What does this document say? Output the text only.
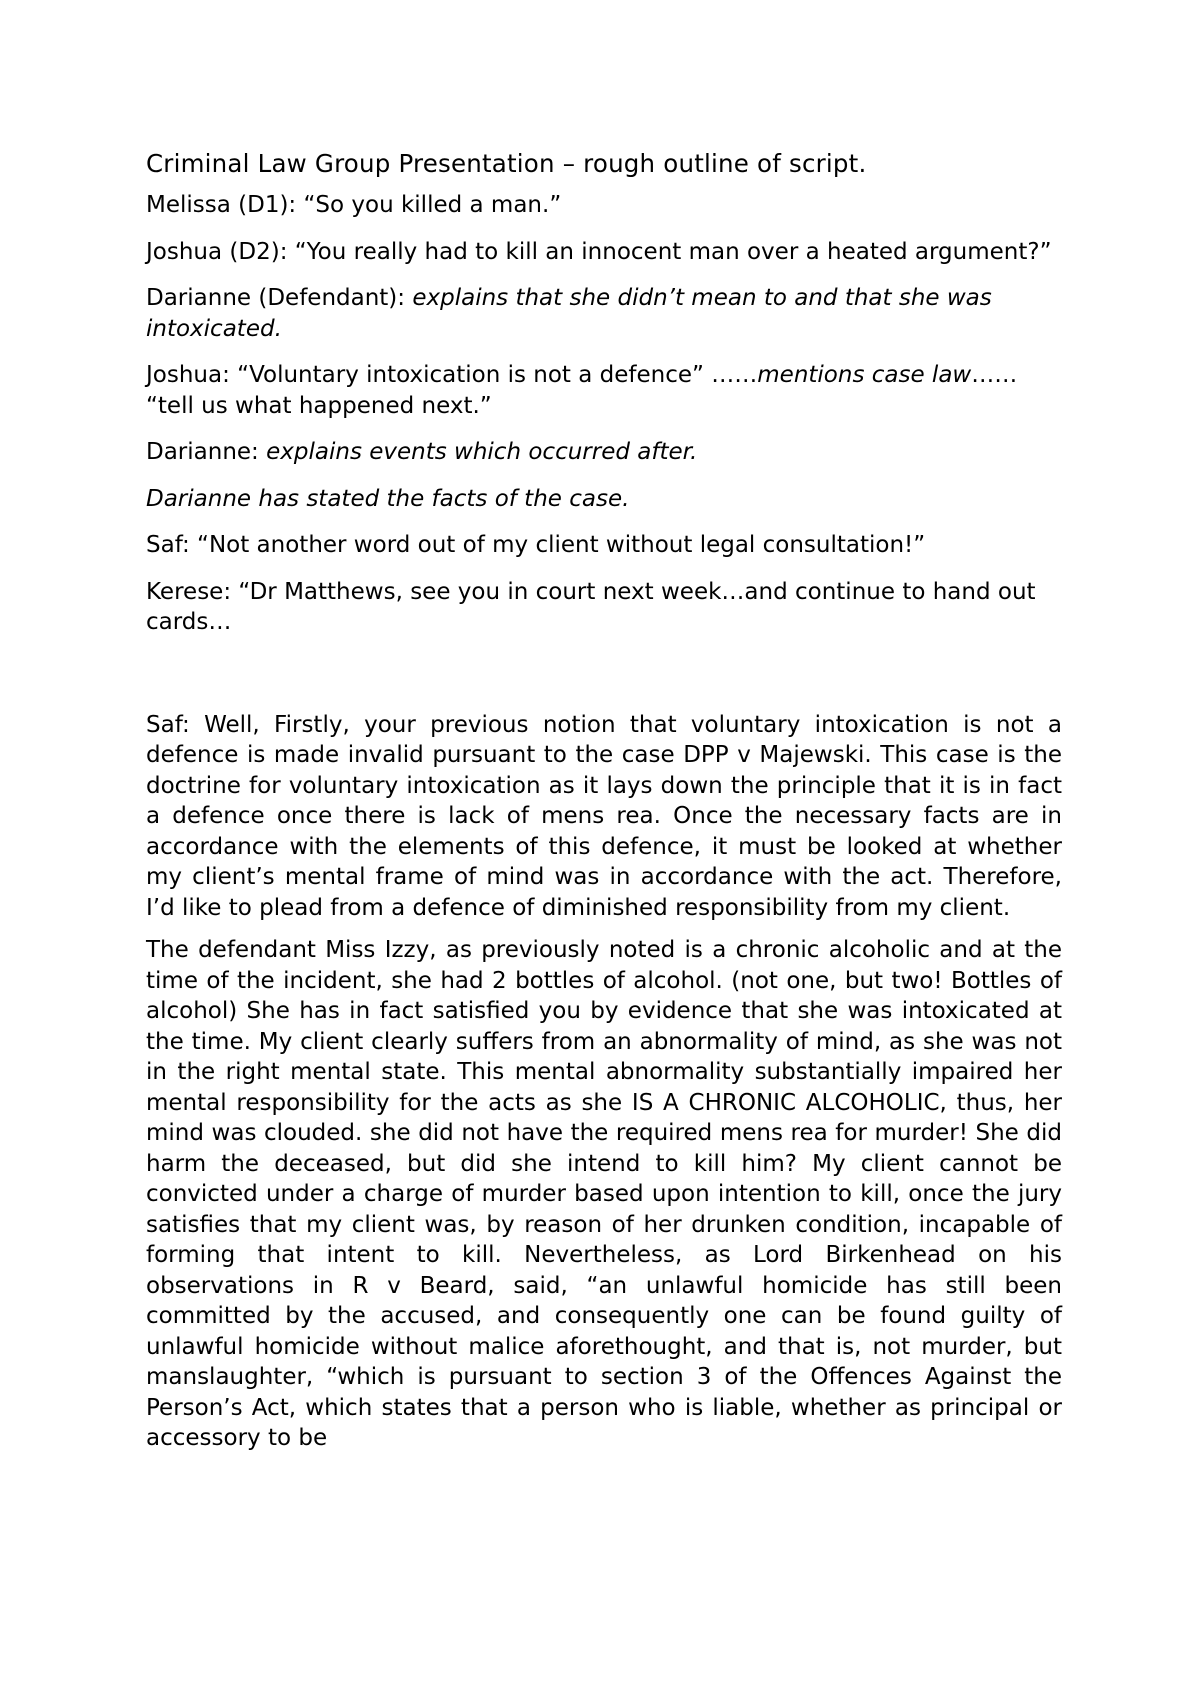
Criminal Law Group Presentation – rough outline of script.

Melissa (D1): “So you killed a man.”

Joshua (D2): “You really had to kill an innocent man over a heated argument?”

Darianne (Defendant): explains that she didn’t mean to and that she was intoxicated.

Joshua: “Voluntary intoxication is not a defence” ……mentions case law…… “tell us what happened next.”

Darianne: explains events which occurred after.

Darianne has stated the facts of the case.

Saf: “Not another word out of my client without legal consultation!”

Kerese: “Dr Matthews, see you in court next week…and continue to hand out cards…

Saf: Well, Firstly, your previous notion that voluntary intoxication is not a defence is made invalid pursuant to the case DPP v Majewski. This case is the doctrine for voluntary intoxication as it lays down the principle that it is in fact a defence once there is lack of mens rea. Once the necessary facts are in accordance with the elements of this defence, it must be looked at whether my client’s mental frame of mind was in accordance with the act. Therefore, I’d like to plead from a defence of diminished responsibility from my client.

The defendant Miss Izzy, as previously noted is a chronic alcoholic and at the time of the incident, she had 2 bottles of alcohol. (not one, but two! Bottles of alcohol) She has in fact satisfied you by evidence that she was intoxicated at the time. My client clearly suffers from an abnormality of mind, as she was not in the right mental state. This mental abnormality substantially impaired her mental responsibility for the acts as she IS A CHRONIC ALCOHOLIC, thus, her mind was clouded. she did not have the required mens rea for murder! She did harm the deceased, but did she intend to kill him? My client cannot be convicted under a charge of murder based upon intention to kill, once the jury satisfies that my client was, by reason of her drunken condition, incapable of forming that intent to kill. Nevertheless, as Lord Birkenhead on his observations in R v Beard, said, “an unlawful homicide has still been committed by the accused, and consequently one can be found guilty of unlawful homicide without malice aforethought, and that is, not murder, but manslaughter, “which is pursuant to section 3 of the Offences Against the Person’s Act, which states that a person who is liable, whether as principal or accessory to be
